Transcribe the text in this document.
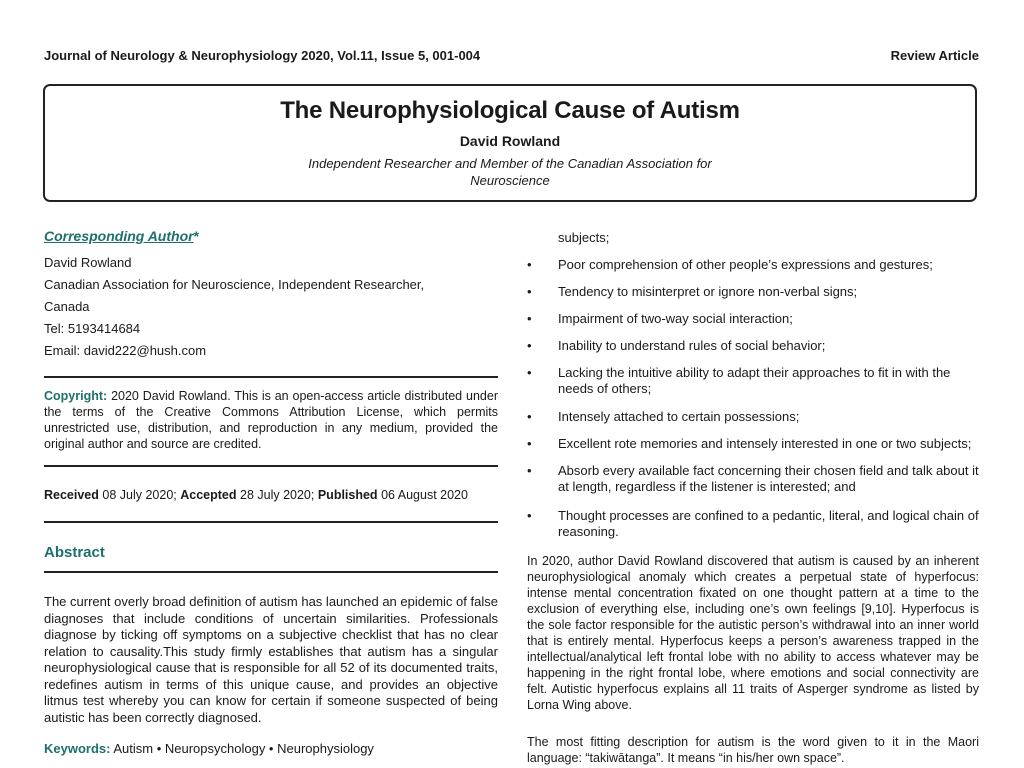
Journal of Neurology & Neurophysiology 2020, Vol.11, Issue 5, 001-004	Review Article
The Neurophysiological Cause of Autism
David Rowland
Independent Researcher and Member of the Canadian Association for
Neuroscience
Corresponding Author*
David Rowland
Canadian Association for Neuroscience, Independent Researcher,
Canada
Tel: 5193414684
Email: david222@hush.com
Copyright: 2020 David Rowland. This is an open-access article distributed under the terms of the Creative Commons Attribution License, which permits unrestricted use, distribution, and reproduction in any medium, provided the original author and source are credited.
Received 08 July 2020; Accepted 28 July 2020; Published 06 August 2020
Abstract
The current overly broad definition of autism has launched an epidemic of false diagnoses that include conditions of uncertain similarities. Professionals diagnose by ticking off symptoms on a subjective checklist that has no clear relation to causality.This study firmly establishes that autism has a singular neurophysiological cause that is responsible for all 52 of its documented traits, redefines autism in terms of this unique cause, and provides an objective litmus test whereby you can know for certain if someone suspected of being autistic has been correctly diagnosed.
Keywords: Autism • Neuropsychology • Neurophysiology
subjects;
•	Poor comprehension of other people’s expressions and gestures;
•	Tendency to misinterpret or ignore non-verbal signs;
•	Impairment of two-way social interaction;
•	Inability to understand rules of social behavior;
•	Lacking the intuitive ability to adapt their approaches to fit in with the needs of others;
•	Intensely attached to certain possessions;
•	Excellent rote memories and intensely interested in one or two subjects;
•	Absorb every available fact concerning their chosen field and talk about it at length, regardless if the listener is interested; and
•	Thought processes are confined to a pedantic, literal, and logical chain of reasoning.
In 2020, author David Rowland discovered that autism is caused by an inherent neurophysiological anomaly which creates a perpetual state of hyperfocus: intense mental concentration fixated on one thought pattern at a time to the exclusion of everything else, including one’s own feelings [9,10]. Hyperfocus is the sole factor responsible for the autistic person’s withdrawal into an inner world that is entirely mental. Hyperfocus keeps a person’s awareness trapped in the intellectual/analytical left frontal lobe with no ability to access whatever may be happening in the right frontal lobe, where emotions and social connectivity are felt. Autistic hyperfocus explains all 11 traits of Asperger syndrome as listed by Lorna Wing above.
The most fitting description for autism is the word given to it in the Maori language: “takiwātanga”. It means “in his/her own space”.
